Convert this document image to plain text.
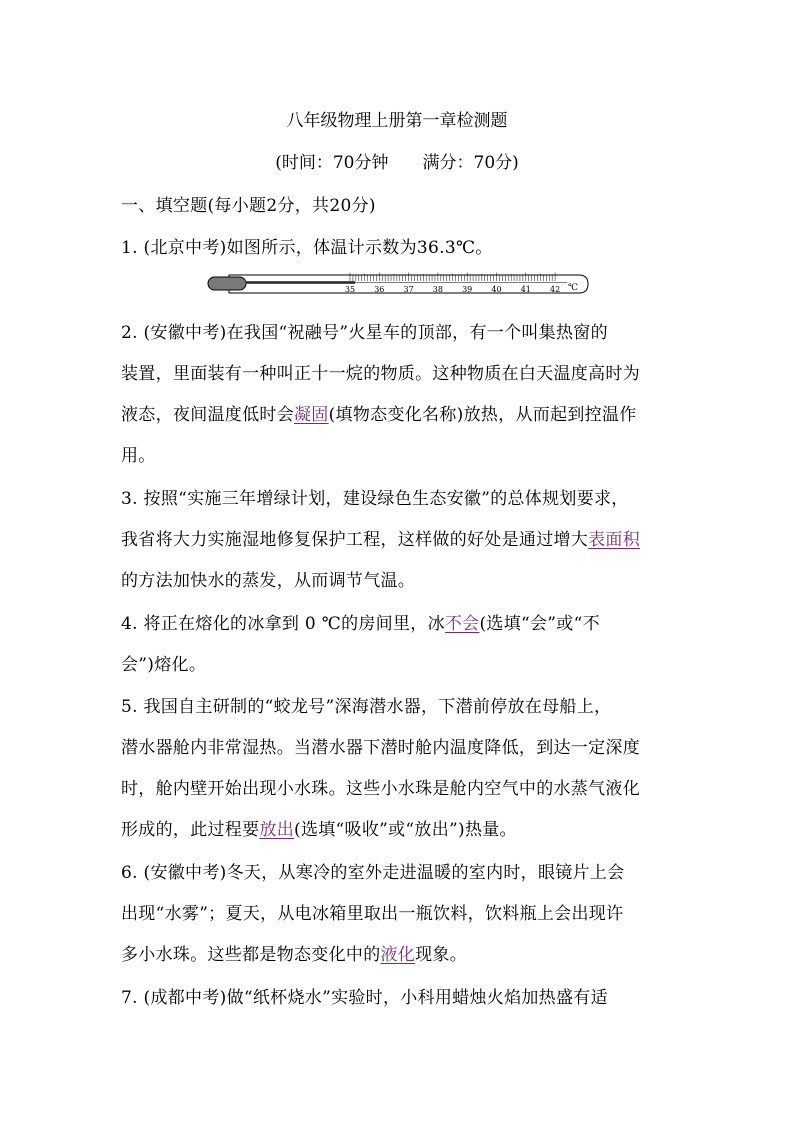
八年级物理上册第一章检测题
(时间：70分钟　　满分：70分)
一、填空题(每小题2分，共20分)
1. (北京中考)如图所示，体温计示数为36.3℃。
35 36 37 38 39 40 41 42 ℃
2. (安徽中考)在我国“祝融号”火星车的顶部，有一个叫集热窗的
装置，里面装有一种叫正十一烷的物质。这种物质在白天温度高时为
液态，夜间温度低时会凝固(填物态变化名称)放热，从而起到控温作
用。
3. 按照“实施三年增绿计划，建设绿色生态安徽”的总体规划要求，
我省将大力实施湿地修复保护工程，这样做的好处是通过增大表面积
的方法加快水的蒸发，从而调节气温。
4. 将正在熔化的冰拿到 0 ℃的房间里，冰不会(选填“会”或“不
会”)熔化。
5. 我国自主研制的“蛟龙号”深海潜水器，下潜前停放在母船上，
潜水器舱内非常湿热。当潜水器下潜时舱内温度降低，到达一定深度
时，舱内壁开始出现小水珠。这些小水珠是舱内空气中的水蒸气液化
形成的，此过程要放出(选填“吸收”或“放出”)热量。
6. (安徽中考)冬天，从寒冷的室外走进温暖的室内时，眼镜片上会
出现“水雾”；夏天，从电冰箱里取出一瓶饮料，饮料瓶上会出现许
多小水珠。这些都是物态变化中的液化现象。
7. (成都中考)做“纸杯烧水”实验时，小科用蜡烛火焰加热盛有适
